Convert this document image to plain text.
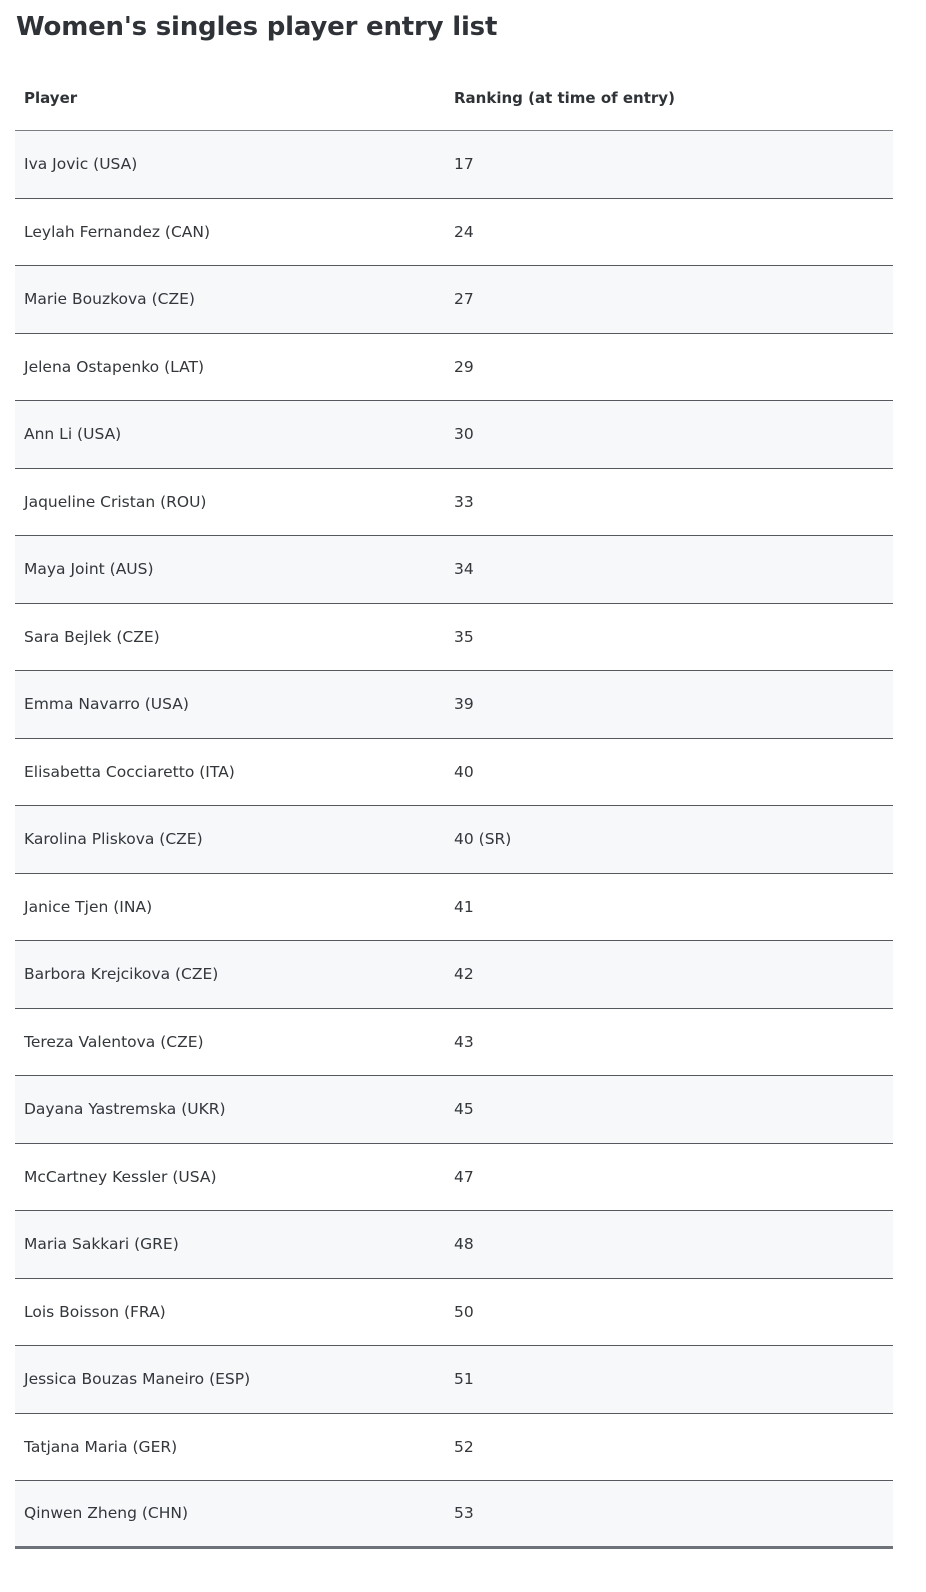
Women's singles player entry list
Player	Ranking (at time of entry)
Iva Jovic (USA)	17
Leylah Fernandez (CAN)	24
Marie Bouzkova (CZE)	27
Jelena Ostapenko (LAT)	29
Ann Li (USA)	30
Jaqueline Cristan (ROU)	33
Maya Joint (AUS)	34
Sara Bejlek (CZE)	35
Emma Navarro (USA)	39
Elisabetta Cocciaretto (ITA)	40
Karolina Pliskova (CZE)	40 (SR)
Janice Tjen (INA)	41
Barbora Krejcikova (CZE)	42
Tereza Valentova (CZE)	43
Dayana Yastremska (UKR)	45
McCartney Kessler (USA)	47
Maria Sakkari (GRE)	48
Lois Boisson (FRA)	50
Jessica Bouzas Maneiro (ESP)	51
Tatjana Maria (GER)	52
Qinwen Zheng (CHN)	53
